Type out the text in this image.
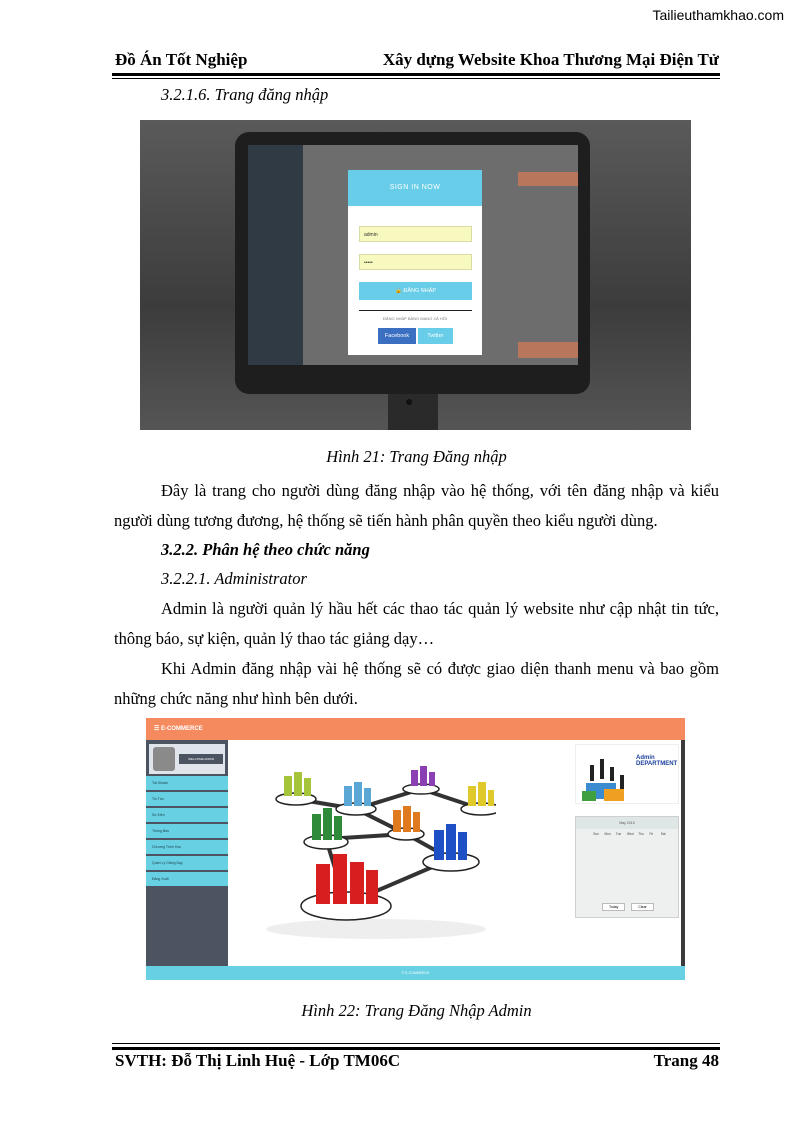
Tailieuthamkhao.com
Đồ Án Tốt Nghiệp	Xây dựng Website Khoa Thương Mại Điện Tử
3.2.1.6. Trang đăng nhập
●
SIGN IN NOW
admin
•••••
🔒 ĐĂNG NHẬP
ĐĂNG NHẬP BẰNG MẠNG XÃ HỘI
Facebook	Twitter
Hình 21: Trang Đăng nhập
Đây là trang cho người dùng đăng nhập vào hệ thống, với tên đăng nhập và kiểu người dùng tương đương, hệ thống sẽ tiến hành phân quyền theo kiểu người dùng.
3.2.2. Phân hệ theo chức năng
3.2.2.1. Administrator
Admin là người quản lý hầu hết các thao tác quản lý website như cập nhật tin tức, thông báo, sự kiện, quản lý thao tác giảng dạy…
Khi Admin đăng nhập vài hệ thống sẽ có được giao diện thanh menu và bao gồm những chức năng như hình bên dưới.
☰ E-COMMERCE
WELCOME ADMIN
Tài Khoản
Tin Tức
Sự Kiện
Thông Báo
Chương Trình Học
Quản Lý Giảng Dạy
Đăng Xuất
Admin DEPARTMENT
May 2015
Sun	Mon	Tue	Wed	Thu	Fri	Sat
Today	Clear
© E-COMMERCE
Hình 22: Trang Đăng Nhập Admin
SVTH: Đỗ Thị Linh Huệ - Lớp TM06C	Trang 48
